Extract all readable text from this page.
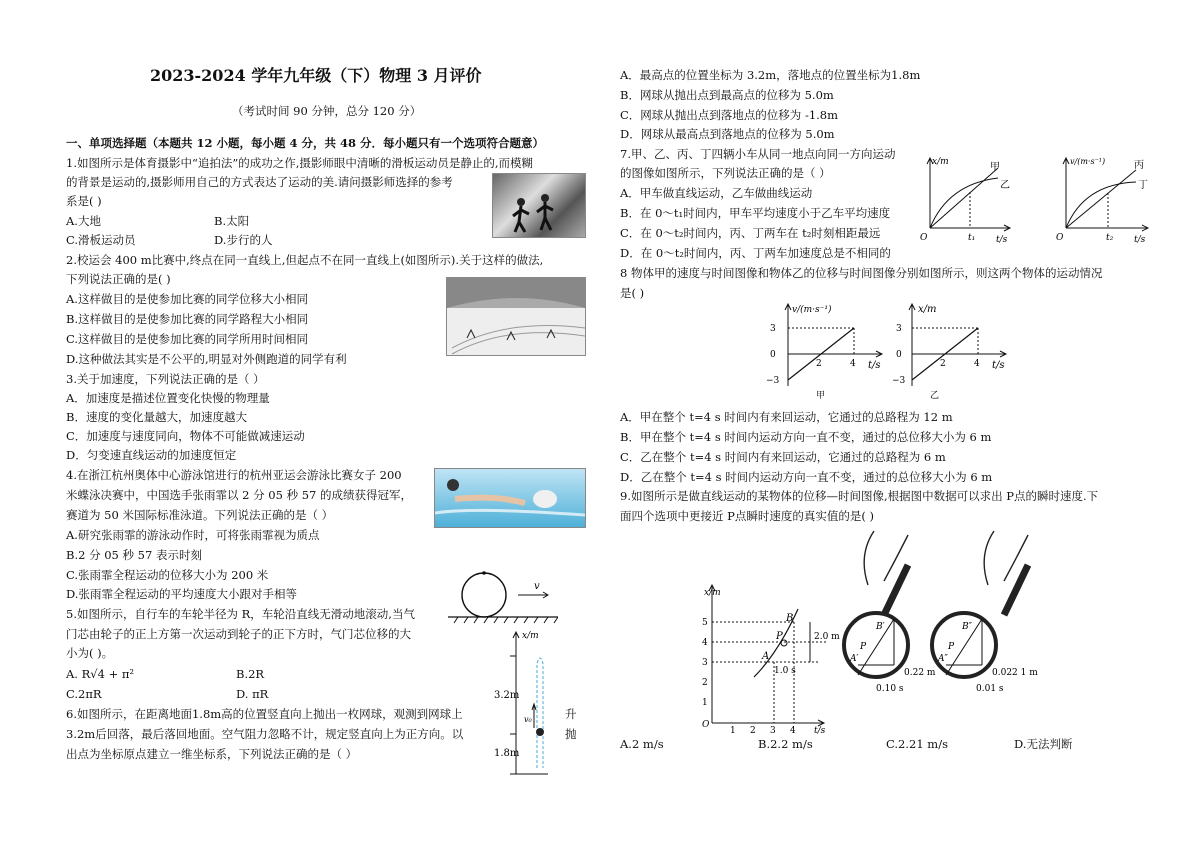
2023-2024 学年九年级（下）物理 3 月评价
（考试时间 90 分钟，总分 120 分）
一、单项选择题（本题共 12 小题，每小题 4 分，共 48 分．每小题只有一个选项符合题意）
1.如图所示是体育摄影中“追拍法”的成功之作,摄影师眼中清晰的滑板运动员是静止的,而模糊
的背景是运动的,摄影师用自己的方式表达了运动的美.请问摄影师选择的参考
系是( )
A.大地	B.太阳
C.滑板运动员	D.步行的人
2.校运会 400 m比赛中,终点在同一直线上,但起点不在同一直线上(如图所示).关于这样的做法,
下列说法正确的是( )
A.这样做目的是使参加比赛的同学位移大小相同
B.这样做目的是使参加比赛的同学路程大小相同
C.这样做目的是使参加比赛的同学所用时间相同
D.这种做法其实是不公平的,明显对外侧跑道的同学有利
3.关于加速度，下列说法正确的是（ ）
A．加速度是描述位置变化快慢的物理量
B．速度的变化量越大，加速度越大
C．加速度与速度同向，物体不可能做减速运动
D．匀变速直线运动的加速度恒定
4.在浙江杭州奥体中心游泳馆进行的杭州亚运会游泳比赛女子 200
米蝶泳决赛中，中国选手张雨霏以 2 分 05 秒 57 的成绩获得冠军，
赛道为 50 米国际标准泳道。下列说法正确的是（ ）
A.研究张雨霏的游泳动作时，可将张雨霏视为质点
B.2 分 05 秒 57 表示时刻
C.张雨霏全程运动的位移大小为 200 米
D.张雨霏全程运动的平均速度大小跟对手相等
5.如图所示，自行车的车轮半径为 R，车轮沿直线无滑动地滚动,当气
门芯由轮子的正上方第一次运动到轮子的正下方时，气门芯位移的大
小为( )。
A. R√4 + π²	B.2R
C.2πR	D. πR
v
6.如图所示，在距离地面1.8m高的位置竖直向上抛出一枚网球，观测到网球上
3.2m后回落，最后落回地面。空气阻力忽略不计，规定竖直向上为正方向。以
出点为坐标原点建立一维坐标系，下列说法正确的是（ ）
x/m
3.2m
1.8m
v₀	升
抛
A．最高点的位置坐标为 3.2m，落地点的位置坐标为1.8m
B．网球从抛出点到最高点的位移为 5.0m
C．网球从抛出点到落地点的位移为 -1.8m
D．网球从最高点到落地点的位移为 5.0m
7.甲、乙、丙、丁四辆小车从同一地点向同一方向运动
的图像如图所示，下列说法正确的是（ ）
A．甲车做直线运动，乙车做曲线运动
B．在 0～t₁时间内，甲车平均速度小于乙车平均速度
C．在 0～t₂时间内，丙、丁两车在 t₂时刻相距最远
D．在 0～t₂时间内，丙、丁两车加速度总是不相同的
x/m
t/s
O	t₁
甲
乙
v/(m·s⁻¹)
t/s
O	t₂
丙
丁
8 物体甲的速度与时间图像和物体乙的位移与时间图像分别如图所示，则这两个物体的运动情况
是( )
v/(m·s⁻¹)
t/s
3
0
−3
2	4
甲
x/m
t/s
3
0
−3
2	4
乙
A．甲在整个 t=4 s 时间内有来回运动，它通过的总路程为 12 m
B．甲在整个 t=4 s 时间内运动方向一直不变，通过的总位移大小为 6 m
C．乙在整个 t=4 s 时间内有来回运动，它通过的总路程为 6 m
D．乙在整个 t=4 s 时间内运动方向一直不变，通过的总位移大小为 6 m
9.如图所示是做直线运动的某物体的位移—时间图像,根据图中数据可以求出 P点的瞬时速度.下
面四个选项中更接近 P点瞬时速度的真实值的是( )
x/m
t/s
O
1
2
3
4
5
1 2 3 4
B
P
A
2.0 m
1.0 s
B′
P
A′
0.22 m
0.10 s
B″
P
A″
0.022 1 m
0.01 s
A.2 m/s	B.2.2 m/s	C.2.21 m/s	D.无法判断
